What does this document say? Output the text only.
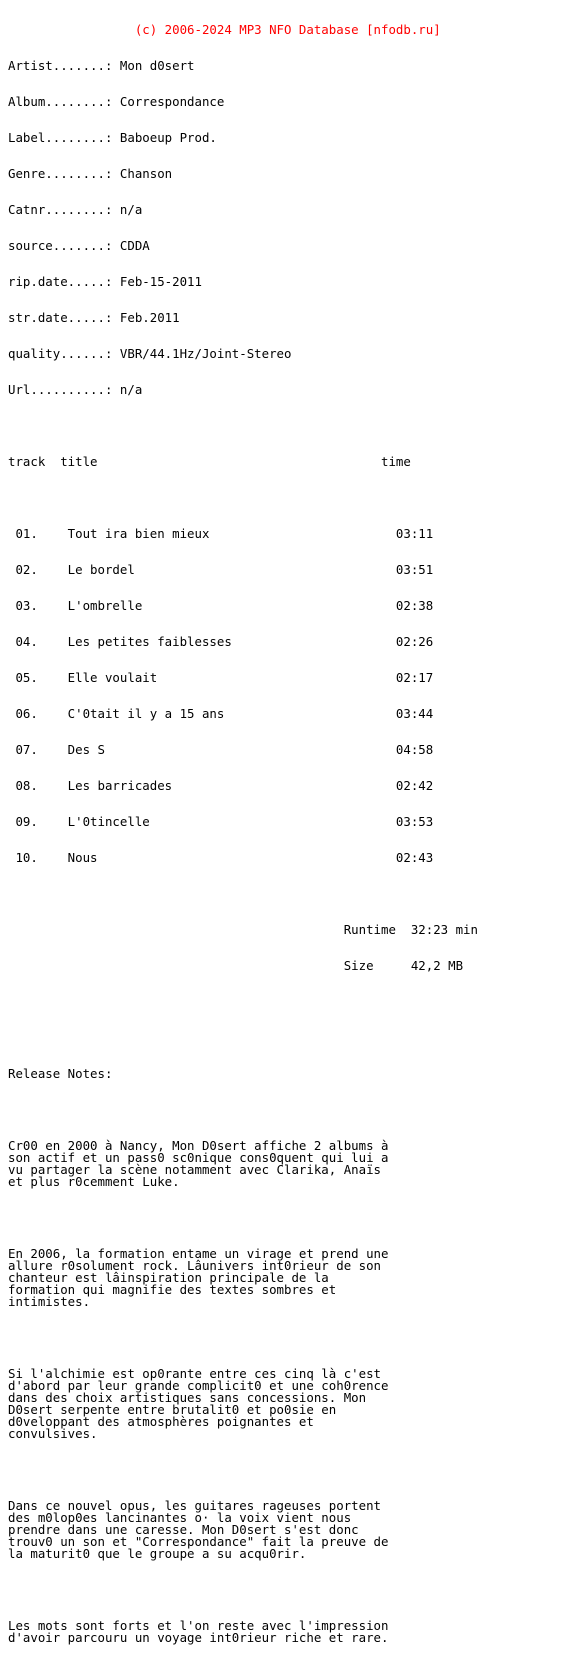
(c) 2006-2024 MP3 NFO Database [nfodb.ru]

Artist.......: Mon d0sert

Album........: Correspondance

Label........: Baboeup Prod.

Genre........: Chanson

Catnr........: n/a

source.......: CDDA

rip.date.....: Feb-15-2011

str.date.....: Feb.2011

quality......: VBR/44.1Hz/Joint-Stereo

Url..........: n/a

track  title                                      time

01.    Tout ira bien mieux                         03:11

02.    Le bordel                                   03:51

03.    L'ombrelle                                  02:38

04.    Les petites faiblesses                      02:26

05.    Elle voulait                                02:17

06.    C'0tait il y a 15 ans                       03:44

07.    Des S                                       04:58

08.    Les barricades                              02:42

09.    L'0tincelle                                 03:53

10.    Nous                                        02:43

Runtime  32:23 min

Size     42,2 MB

Release Notes:

Cr00 en 2000 à Nancy, Mon D0sert affiche 2 albums à
son actif et un pass0 sc0nique cons0quent qui lui a
vu partager la scène notamment avec Clarika, Anaïs
et plus r0cemment Luke.

En 2006, la formation entame un virage et prend une
allure r0solument rock. Lâunivers int0rieur de son
chanteur est lâinspiration principale de la
formation qui magnifie des textes sombres et
intimistes.

Si l'alchimie est op0rante entre ces cinq là c'est
d'abord par leur grande complicit0 et une coh0rence
dans des choix artistiques sans concessions. Mon
D0sert serpente entre brutalit0 et po0sie en
d0veloppant des atmosphères poignantes et
convulsives.

Dans ce nouvel opus, les guitares rageuses portent
des m0lop0es lancinantes o· la voix vient nous
prendre dans une caresse. Mon D0sert s'est donc
trouv0 un son et "Correspondance" fait la preuve de
la maturit0 que le groupe a su acqu0rir.

Les mots sont forts et l'on reste avec l'impression
d'avoir parcouru un voyage int0rieur riche et rare.
